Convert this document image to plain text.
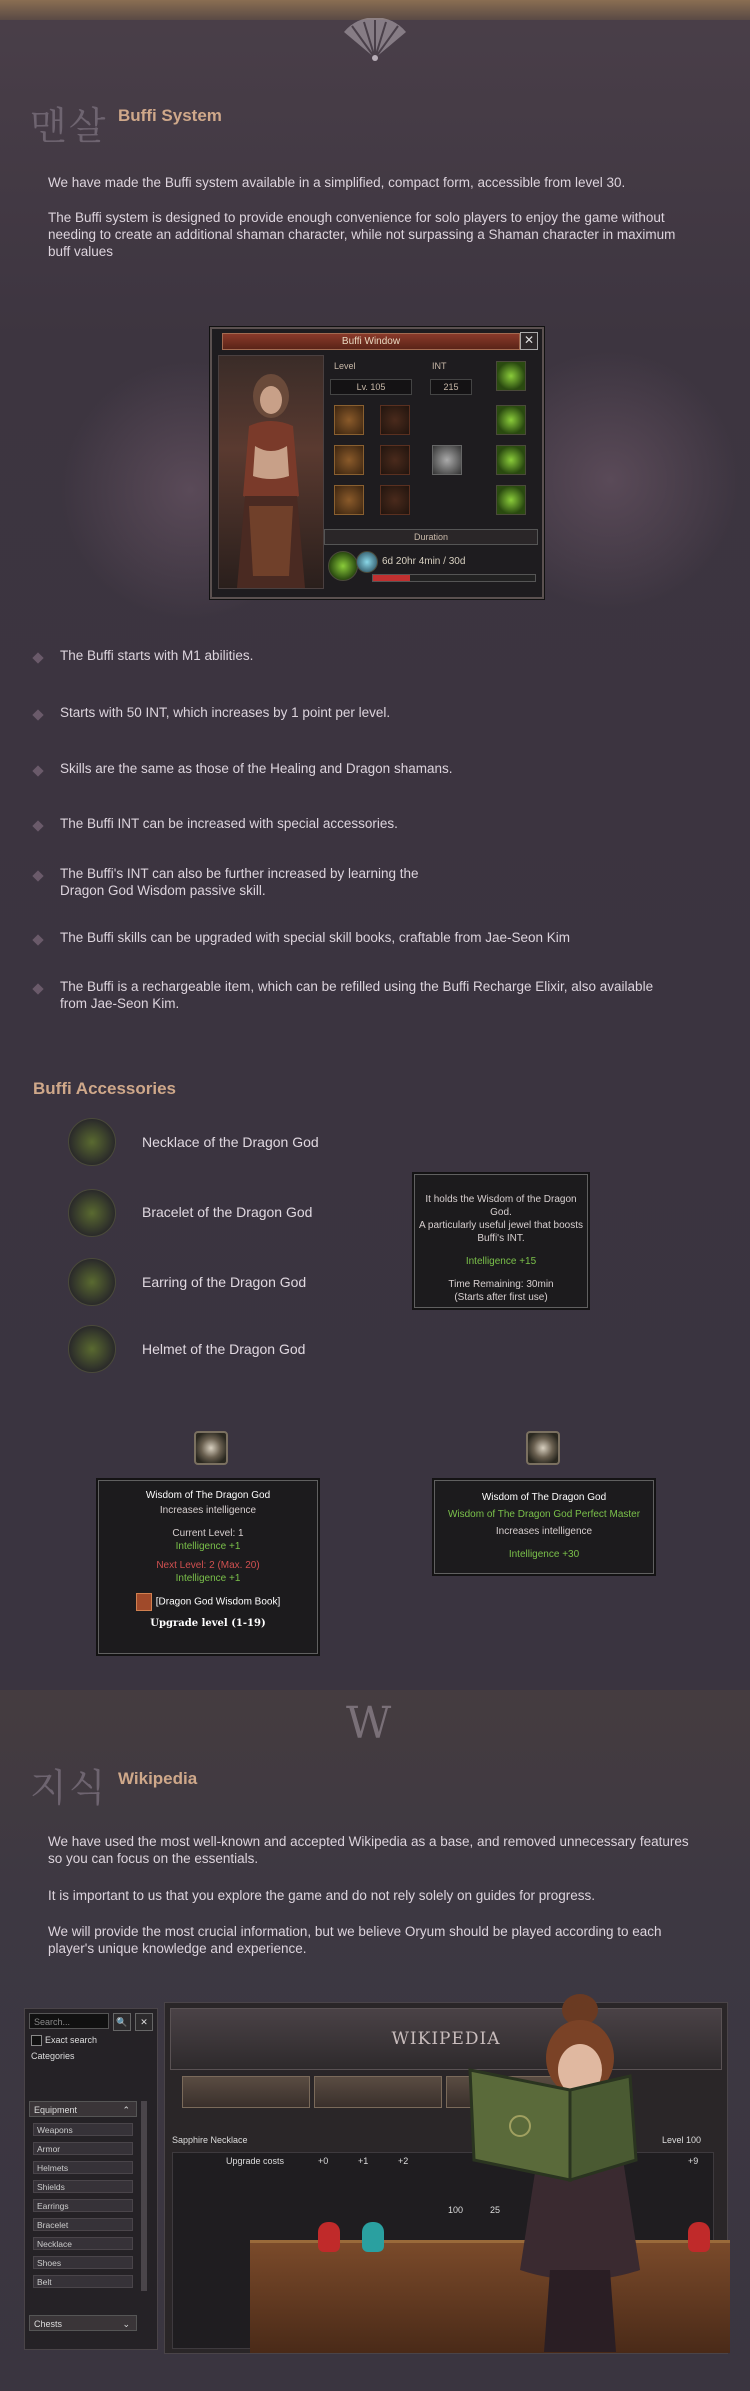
맨살 Buffi System
We have made the Buffi system available in a simplified, compact form, accessible from level 30.
The Buffi system is designed to provide enough convenience for solo players to enjoy the game without needing to create an additional shaman character, while not surpassing a Shaman character in maximum buff values
Buffi Window	✕
Level
Lv. 105
INT
215
Duration
6d 20hr 4min / 30d
The Buffi starts with M1 abilities.
Starts with 50 INT, which increases by 1 point per level.
Skills are the same as those of the Healing and Dragon shamans.
The Buffi INT can be increased with special accessories.
The Buffi's INT can also be further increased by learning the Dragon God Wisdom passive skill.
The Buffi skills can be upgraded with special skill books, craftable from Jae-Seon Kim
The Buffi is a rechargeable item, which can be refilled using the Buffi Recharge Elixir, also available from Jae-Seon Kim.
Buffi Accessories
Necklace of the Dragon God
Bracelet of the Dragon God
Earring of the Dragon God
Helmet of the Dragon God
It holds the Wisdom of the Dragon God.
A particularly useful jewel that boosts
Buffi's INT.
Intelligence +15
Time Remaining: 30min
(Starts after first use)
Wisdom of The Dragon God
Increases intelligence
Current Level: 1
Intelligence +1
Next Level: 2 (Max. 20)
Intelligence +1
[Dragon God Wisdom Book]
Upgrade level (1-19)
Wisdom of The Dragon God
Wisdom of The Dragon God Perfect Master
Increases intelligence
Intelligence +30
W
지식 Wikipedia
We have used the most well-known and accepted Wikipedia as a base, and removed unnecessary features so you can focus on the essentials.
It is important to us that you explore the game and do not rely solely on guides for progress.
We will provide the most crucial information, but we believe Oryum should be played according to each player's unique knowledge and experience.
Search...	🔍	✕
Exact search
Categories
Equipment	⌃
Weapons
Armor
Helmets
Shields
Earrings
Bracelet
Necklace
Shoes
Belt
Chests	⌄
WIKIPEDIA
Sapphire Necklace	Level 100
Upgrade costs	+0	+1	+2	+9
100	25
